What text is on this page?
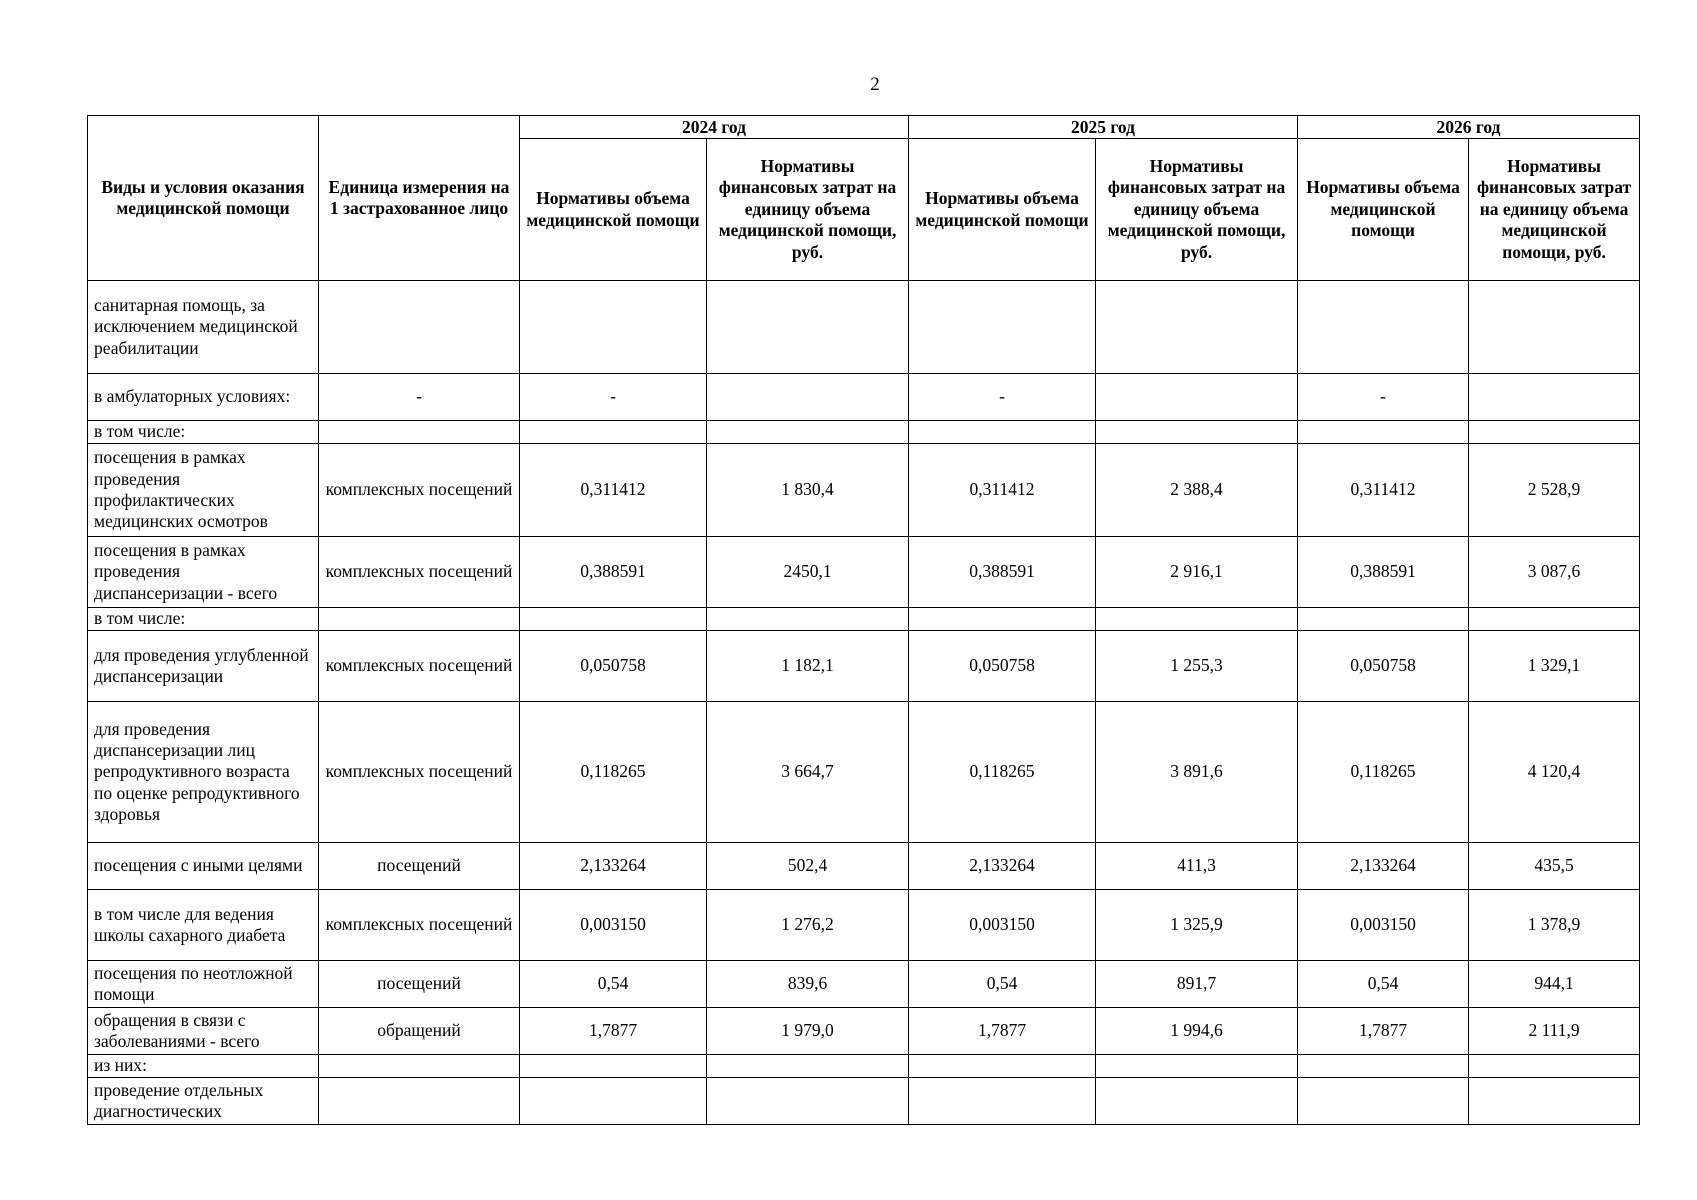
2
Виды и условия оказания медицинской помощи	Единица измерения на 1 застрахованное лицо	2024 год		2025 год		2026 год	
		Нормативы объема медицинской помощи	Нормативы финансовых затрат на единицу объема медицинской помощи, руб.	Нормативы объема медицинской помощи	Нормативы финансовых затрат на единицу объема медицинской помощи, руб.	Нормативы объема медицинской помощи	Нормативы финансовых затрат на единицу объема медицинской помощи, руб.
санитарная помощь, за исключением медицинской реабилитации							
в амбулаторных условиях:	-	-		-		-	
в том числе:							
посещения в рамках проведения профилактических медицинских осмотров	комплексных посещений	0,311412	1 830,4	0,311412	2 388,4	0,311412	2 528,9
посещения в рамках проведения диспансеризации - всего	комплексных посещений	0,388591	2450,1	0,388591	2 916,1	0,388591	3 087,6
в том числе:							
для проведения углубленной диспансеризации	комплексных посещений	0,050758	1 182,1	0,050758	1 255,3	0,050758	1 329,1
для проведения диспансеризации лиц репродуктивного возраста по оценке репродуктивного здоровья	комплексных посещений	0,118265	3 664,7	0,118265	3 891,6	0,118265	4 120,4
посещения с иными целями	посещений	2,133264	502,4	2,133264	411,3	2,133264	435,5
в том числе для ведения школы сахарного диабета	комплексных посещений	0,003150	1 276,2	0,003150	1 325,9	0,003150	1 378,9
посещения по неотложной помощи	посещений	0,54	839,6	0,54	891,7	0,54	944,1
обращения в связи с заболеваниями - всего	обращений	1,7877	1 979,0	1,7877	1 994,6	1,7877	2 111,9
из них:							
проведение отдельных диагностических							
